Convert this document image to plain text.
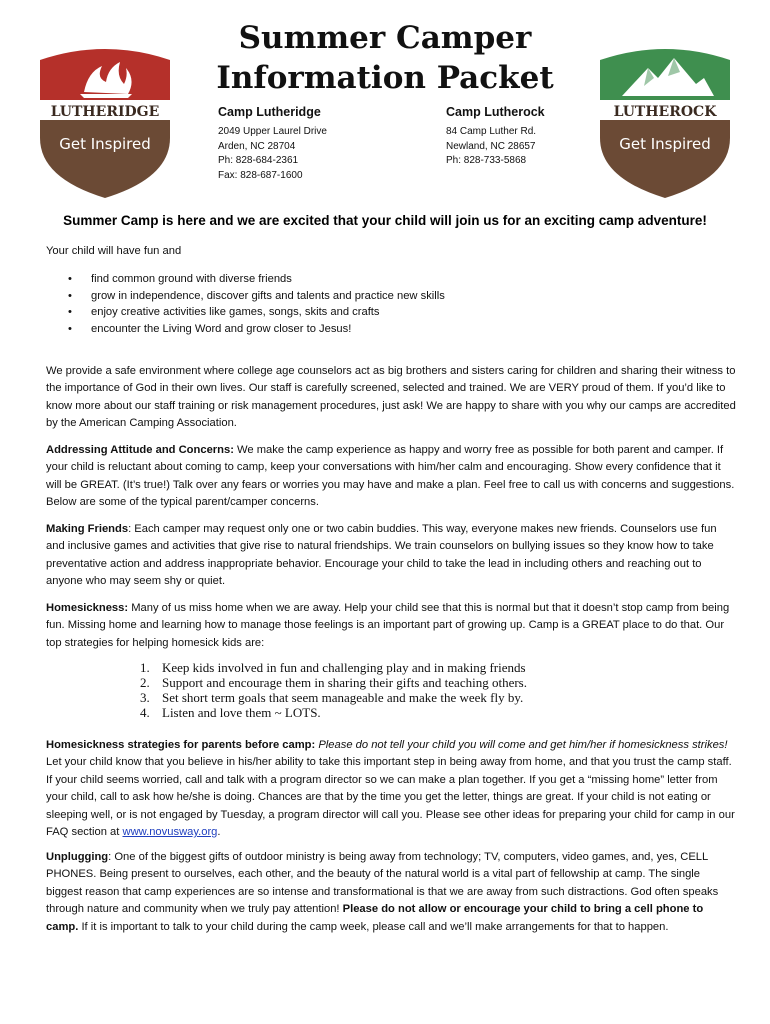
LUTHERIDGE
Get Inspired
LUTHEROCK
Get Inspired
Summer Camper
Information Packet
Camp Lutheridge
2049 Upper Laurel Drive
Arden, NC 28704
Ph: 828-684-2361
Fax: 828-687-1600
Camp Lutherock
84 Camp Luther Rd.
Newland, NC 28657
Ph: 828-733-5868
Summer Camp is here and we are excited that your child will join us for an exciting camp adventure!
Your child will have fun and
• find common ground with diverse friends
• grow in independence, discover gifts and talents and practice new skills
• enjoy creative activities like games, songs, skits and crafts
• encounter the Living Word and grow closer to Jesus!
We provide a safe environment where college age counselors act as big brothers and sisters caring for children and sharing their witness to the importance of God in their own lives. Our staff is carefully screened, selected and trained. We are VERY proud of them. If you’d like to know more about our staff training or risk management procedures, just ask! We are happy to share with you why our camps are accredited by the American Camping Association.
Addressing Attitude and Concerns: We make the camp experience as happy and worry free as possible for both parent and camper. If your child is reluctant about coming to camp, keep your conversations with him/her calm and encouraging. Show every confidence that it will be GREAT. (It’s true!) Talk over any fears or worries you may have and make a plan. Feel free to call us with concerns and suggestions. Below are some of the typical parent/camper concerns.
Making Friends: Each camper may request only one or two cabin buddies. This way, everyone makes new friends. Counselors use fun and inclusive games and activities that give rise to natural friendships. We train counselors on bullying issues so they know how to take preventative action and address inappropriate behavior. Encourage your child to take the lead in including others and reaching out to anyone who may seem shy or quiet.
Homesickness: Many of us miss home when we are away. Help your child see that this is normal but that it doesn’t stop camp from being fun. Missing home and learning how to manage those feelings is an important part of growing up. Camp is a GREAT place to do that. Our top strategies for helping homesick kids are:
1. Keep kids involved in fun and challenging play and in making friends
2. Support and encourage them in sharing their gifts and teaching others.
3. Set short term goals that seem manageable and make the week fly by.
4. Listen and love them ~ LOTS.
Homesickness strategies for parents before camp: Please do not tell your child you will come and get him/her if homesickness strikes! Let your child know that you believe in his/her ability to take this important step in being away from home, and that you trust the camp staff. If your child seems worried, call and talk with a program director so we can make a plan together. If you get a “missing home” letter from your child, call to ask how he/she is doing. Chances are that by the time you get the letter, things are great. If your child is not eating or sleeping well, or is not engaged by Tuesday, a program director will call you. Please see other ideas for preparing your child for camp in our FAQ section at www.novusway.org.
Unplugging: One of the biggest gifts of outdoor ministry is being away from technology; TV, computers, video games, and, yes, CELL PHONES. Being present to ourselves, each other, and the beauty of the natural world is a vital part of fellowship at camp. The single biggest reason that camp experiences are so intense and transformational is that we are away from such distractions. God often speaks through nature and community when we truly pay attention! Please do not allow or encourage your child to bring a cell phone to camp. If it is important to talk to your child during the camp week, please call and we’ll make arrangements for that to happen.
